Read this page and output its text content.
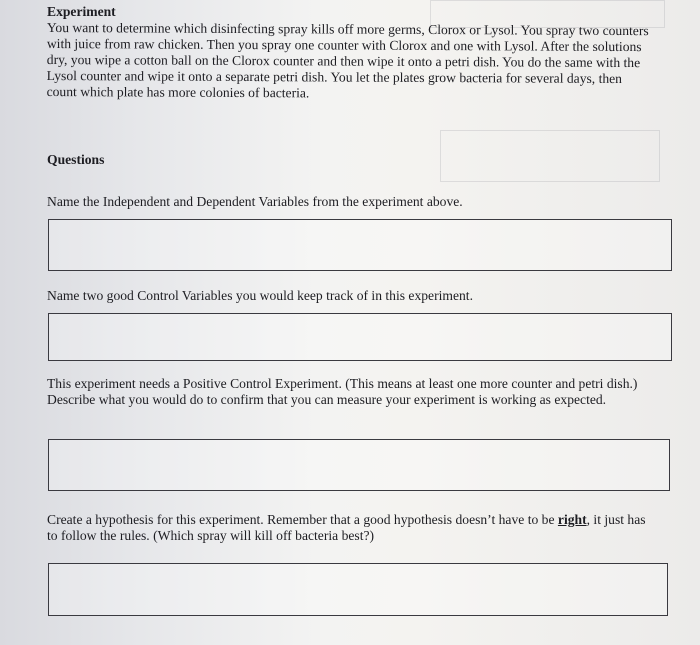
Experiment

You want to determine which disinfecting spray kills off more germs, Clorox or Lysol. You spray two counters with juice from raw chicken. Then you spray one counter with Clorox and one with Lysol. After the solutions dry, you wipe a cotton ball on the Clorox counter and then wipe it onto a petri dish. You do the same with the Lysol counter and wipe it onto a separate petri dish. You let the plates grow bacteria for several days, then count which plate has more colonies of bacteria.

Questions

Name the Independent and Dependent Variables from the experiment above.

Name two good Control Variables you would keep track of in this experiment.

This experiment needs a Positive Control Experiment. (This means at least one more counter and petri dish.) Describe what you would do to confirm that you can measure your experiment is working as expected.

Create a hypothesis for this experiment. Remember that a good hypothesis doesn’t have to be right, it just has to follow the rules. (Which spray will kill off bacteria best?)
